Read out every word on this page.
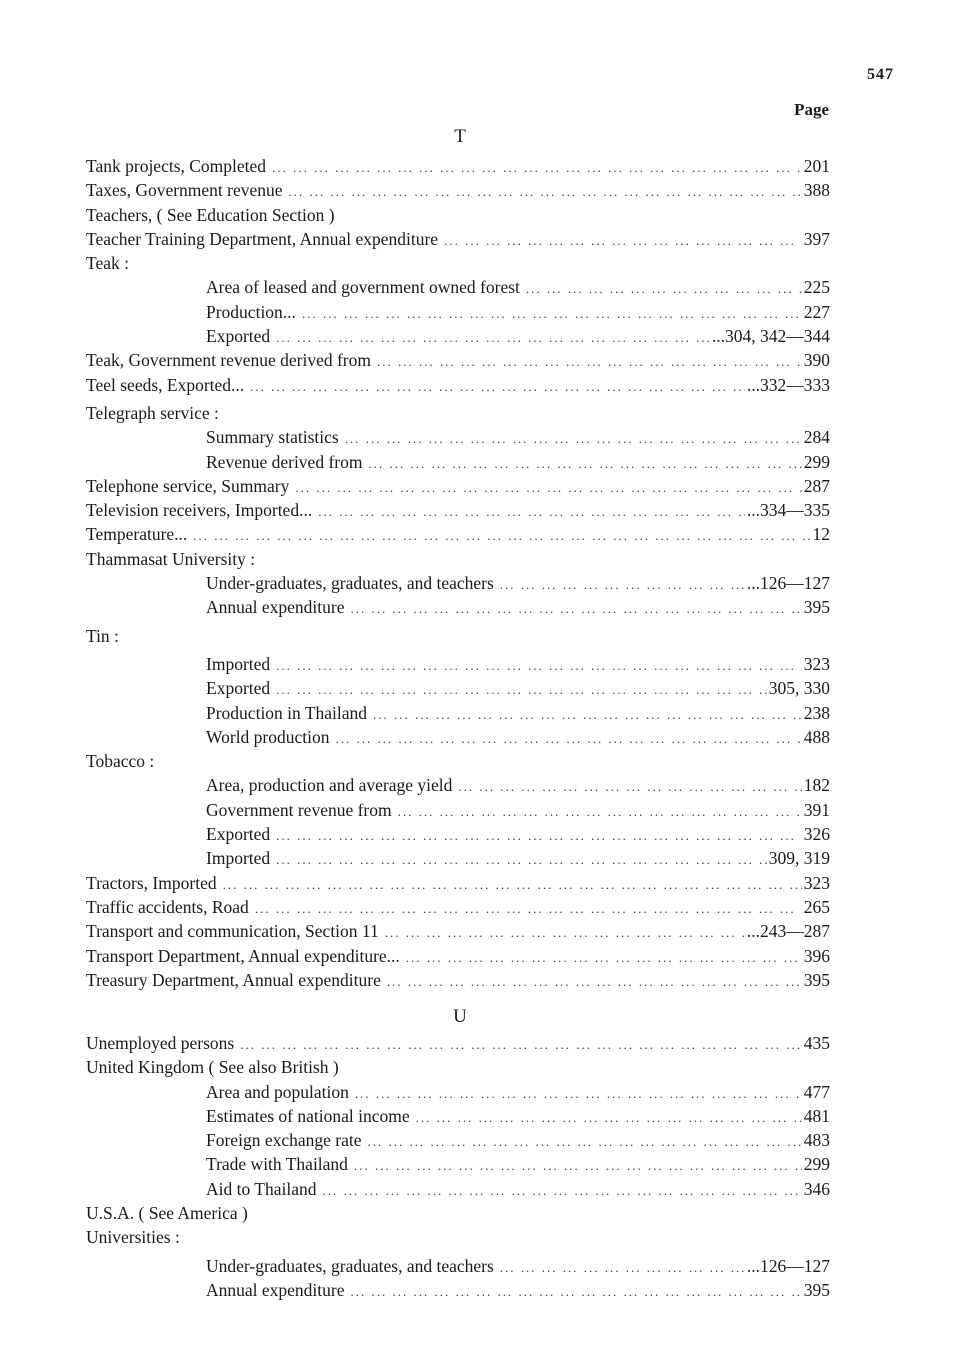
547
Page
T
Tank projects, Completed ... .	201
Taxes, Government revenue ... .	388
Teachers, ( See Education Section )
Teacher Training Department, Annual expenditure ... .	397
Teak :
Area of leased and government owned forest ... .	225
Production... ... .	227
Exported ... .	...304, 342—344
Teak, Government revenue derived from ... .	390
Teel seeds, Exported... ... .	...332—333
Telegraph service :
Summary statistics ... .	284
Revenue derived from ... .	299
Telephone service, Summary ... .	287
Television receivers, Imported... ... .	...334—335
Temperature... ... .	12
Thammasat University :
Under-graduates, graduates, and teachers ... .	...126—127
Annual expenditure ... .	395
Tin :
Imported ... .	323
Exported ... .	305, 330
Production in Thailand ... .	238
World production ... .	488
Tobacco :
Area, production and average yield ... .	182
Government revenue from ... .	391
Exported ... .	326
Imported ... .	309, 319
Tractors, Imported ... .	323
Traffic accidents, Road ... .	265
Transport and communication, Section 11 ... .	...243—287
Transport Department, Annual expenditure... ... .	396
Treasury Department, Annual expenditure ... .	395
U
Unemployed persons ... .	435
United Kingdom ( See also British )
Area and population ... .	477
Estimates of national income ... .	481
Foreign exchange rate ... .	483
Trade with Thailand ... .	299
Aid to Thailand ... .	346
U.S.A. ( See America )
Universities :
Under-graduates, graduates, and teachers ... .	...126—127
Annual expenditure ... .	395
